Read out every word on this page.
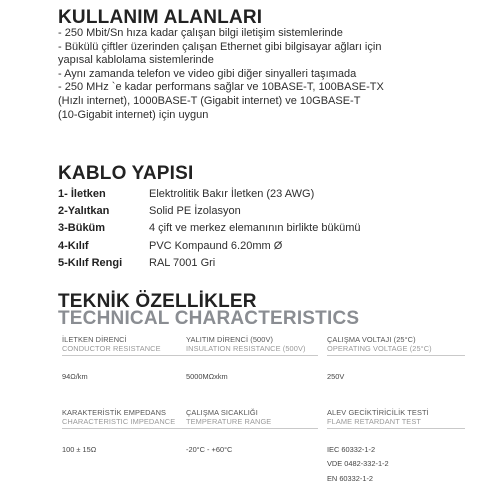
KULLANIM ALANLARI
- 250 Mbit/Sn hıza kadar çalışan bilgi iletişim sistemlerinde
- Bükülü çiftler üzerinden çalışan Ethernet gibi bilgisayar ağları için
yapısal kablolama sistemlerinde
- Aynı zamanda telefon ve video gibi diğer sinyalleri taşımada
- 250 MHz `e kadar performans sağlar ve 10BASE-T, 100BASE-TX
(Hızlı internet), 1000BASE-T (Gigabit internet) ve 10GBASE-T
(10-Gigabit internet) için uygun
KABLO YAPISI
1- İletken	Elektrolitik Bakır İletken (23 AWG)
2-Yalıtkan	Solid PE İzolasyon
3-Büküm	4 çift ve merkez elemanının birlikte bükümü
4-Kılıf	PVC Kompaund 6.20mm Ø
5-Kılıf Rengi	RAL 7001 Gri
TEKNİK ÖZELLİKLER
TECHNICAL CHARACTERISTICS
İLETKEN DİRENCİ
CONDUCTOR RESISTANCE
94Ω/km
YALITIM DİRENCİ (500V)
INSULATION RESISTANCE (500V)
5000MΩxkm
ÇALIŞMA VOLTAJI (25°C)
OPERATING VOLTAGE (25°C)
250V
KARAKTERİSTİK EMPEDANS
CHARACTERISTIC IMPEDANCE
100 ± 15Ω
ÇALIŞMA SICAKLIĞI
TEMPERATURE RANGE
-20°C - +60°C
ALEV GECİKTİRİCİLİK TESTİ
FLAME RETARDANT TEST
IEC 60332-1-2
VDE 0482-332-1-2
EN 60332-1-2
